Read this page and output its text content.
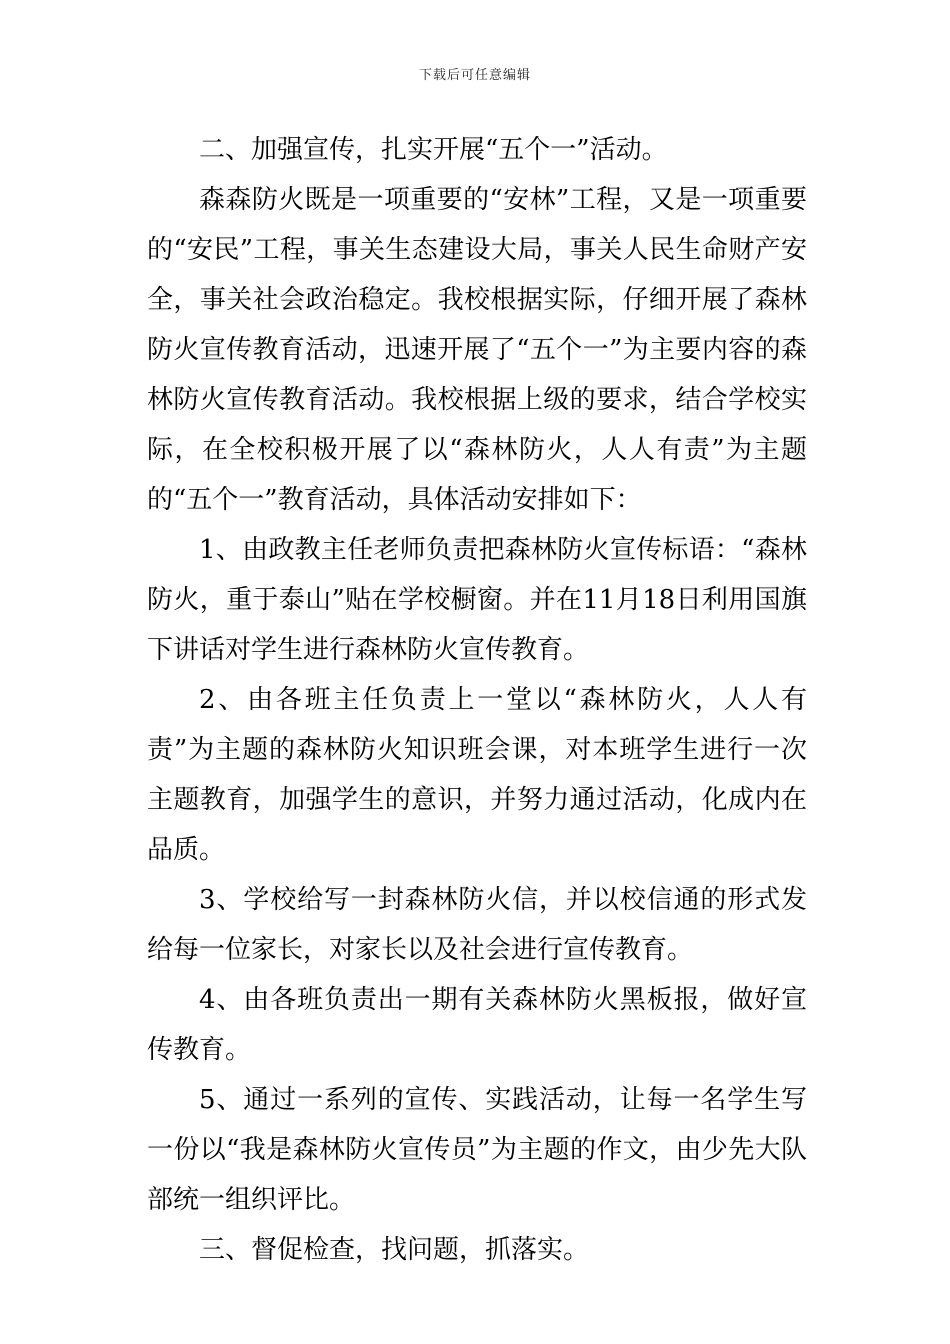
下载后可任意编辑

二、加强宣传，扎实开展“五个一”活动。

森森防火既是一项重要的“安林”工程，又是一项重要的“安民”工程，事关生态建设大局，事关人民生命财产安全，事关社会政治稳定。我校根据实际，仔细开展了森林防火宣传教育活动，迅速开展了“五个一”为主要内容的森林防火宣传教育活动。我校根据上级的要求，结合学校实际，在全校积极开展了以“森林防火，人人有责”为主题的“五个一”教育活动，具体活动安排如下：

1、由政教主任老师负责把森林防火宣传标语：“森林防火，重于泰山”贴在学校橱窗。并在11月18日利用国旗下讲话对学生进行森林防火宣传教育。

2、由各班主任负责上一堂以“森林防火，人人有责”为主题的森林防火知识班会课，对本班学生进行一次主题教育，加强学生的意识，并努力通过活动，化成内在品质。

3、学校给写一封森林防火信，并以校信通的形式发给每一位家长，对家长以及社会进行宣传教育。

4、由各班负责出一期有关森林防火黑板报，做好宣传教育。

5、通过一系列的宣传、实践活动，让每一名学生写一份以“我是森林防火宣传员”为主题的作文，由少先大队部统一组织评比。

三、督促检查，找问题，抓落实。
